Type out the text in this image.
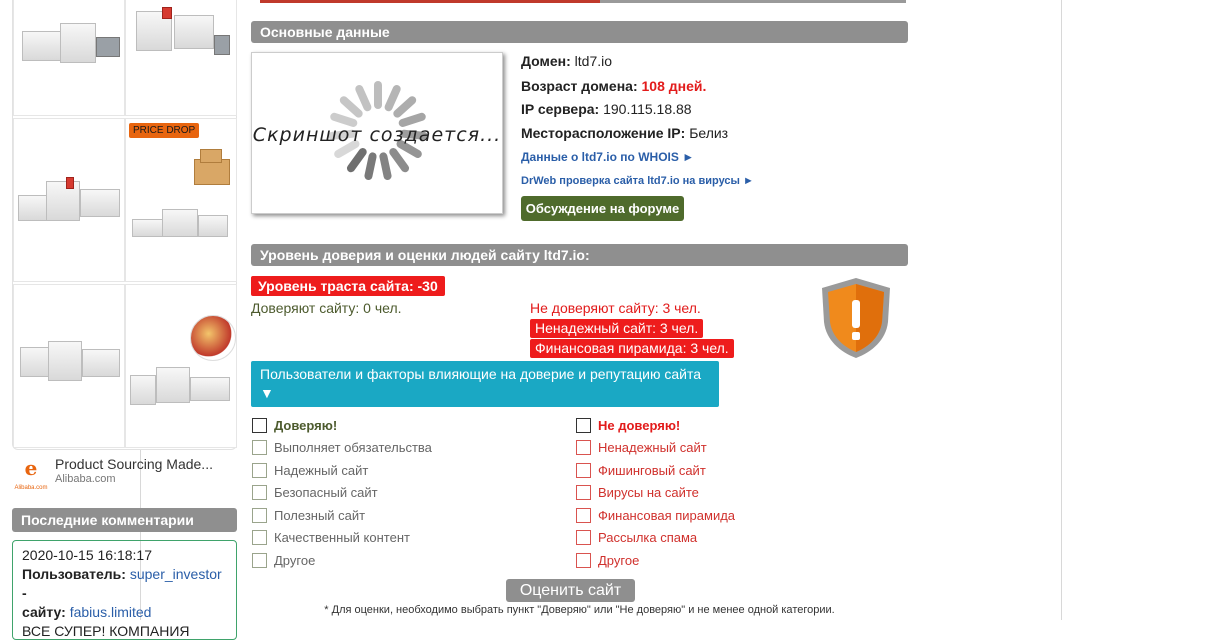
PRICE DROP
e
Alibaba.com
Product Sourcing Made...
Alibaba.com
Последние комментарии
2020-10-15 16:18:17
Пользователь: super_investor -
сайту: fabius.limited
ВСЕ СУПЕР! КОМПАНИЯ
Основные данные
Скриншот создается...
Домен: ltd7.io
Возраст домена: 108 дней.
IP сервера: 190.115.18.88
Месторасположение IP: Белиз
Данные о ltd7.io по WHOIS ►
DrWeb проверка сайта ltd7.io на вирусы ►
Обсуждение на форуме
Уровень доверия и оценки людей сайту ltd7.io:
Уровень траста сайта: -30
Доверяют сайту: 0 чел.	Не доверяют сайту: 3 чел.
Ненадежный сайт: 3 чел.
Финансовая пирамида: 3 чел.
Пользователи и факторы влияющие на доверие и репутацию сайта ▼
Доверяю!
Выполняет обязательства
Надежный сайт
Безопасный сайт
Полезный сайт
Качественный контент
Другое
Не доверяю!
Ненадежный сайт
Фишинговый сайт
Вирусы на сайте
Финансовая пирамида
Рассылка спама
Другое
Оценить сайт
* Для оценки, необходимо выбрать пункт "Доверяю" или "Не доверяю" и не менее одной категории.
